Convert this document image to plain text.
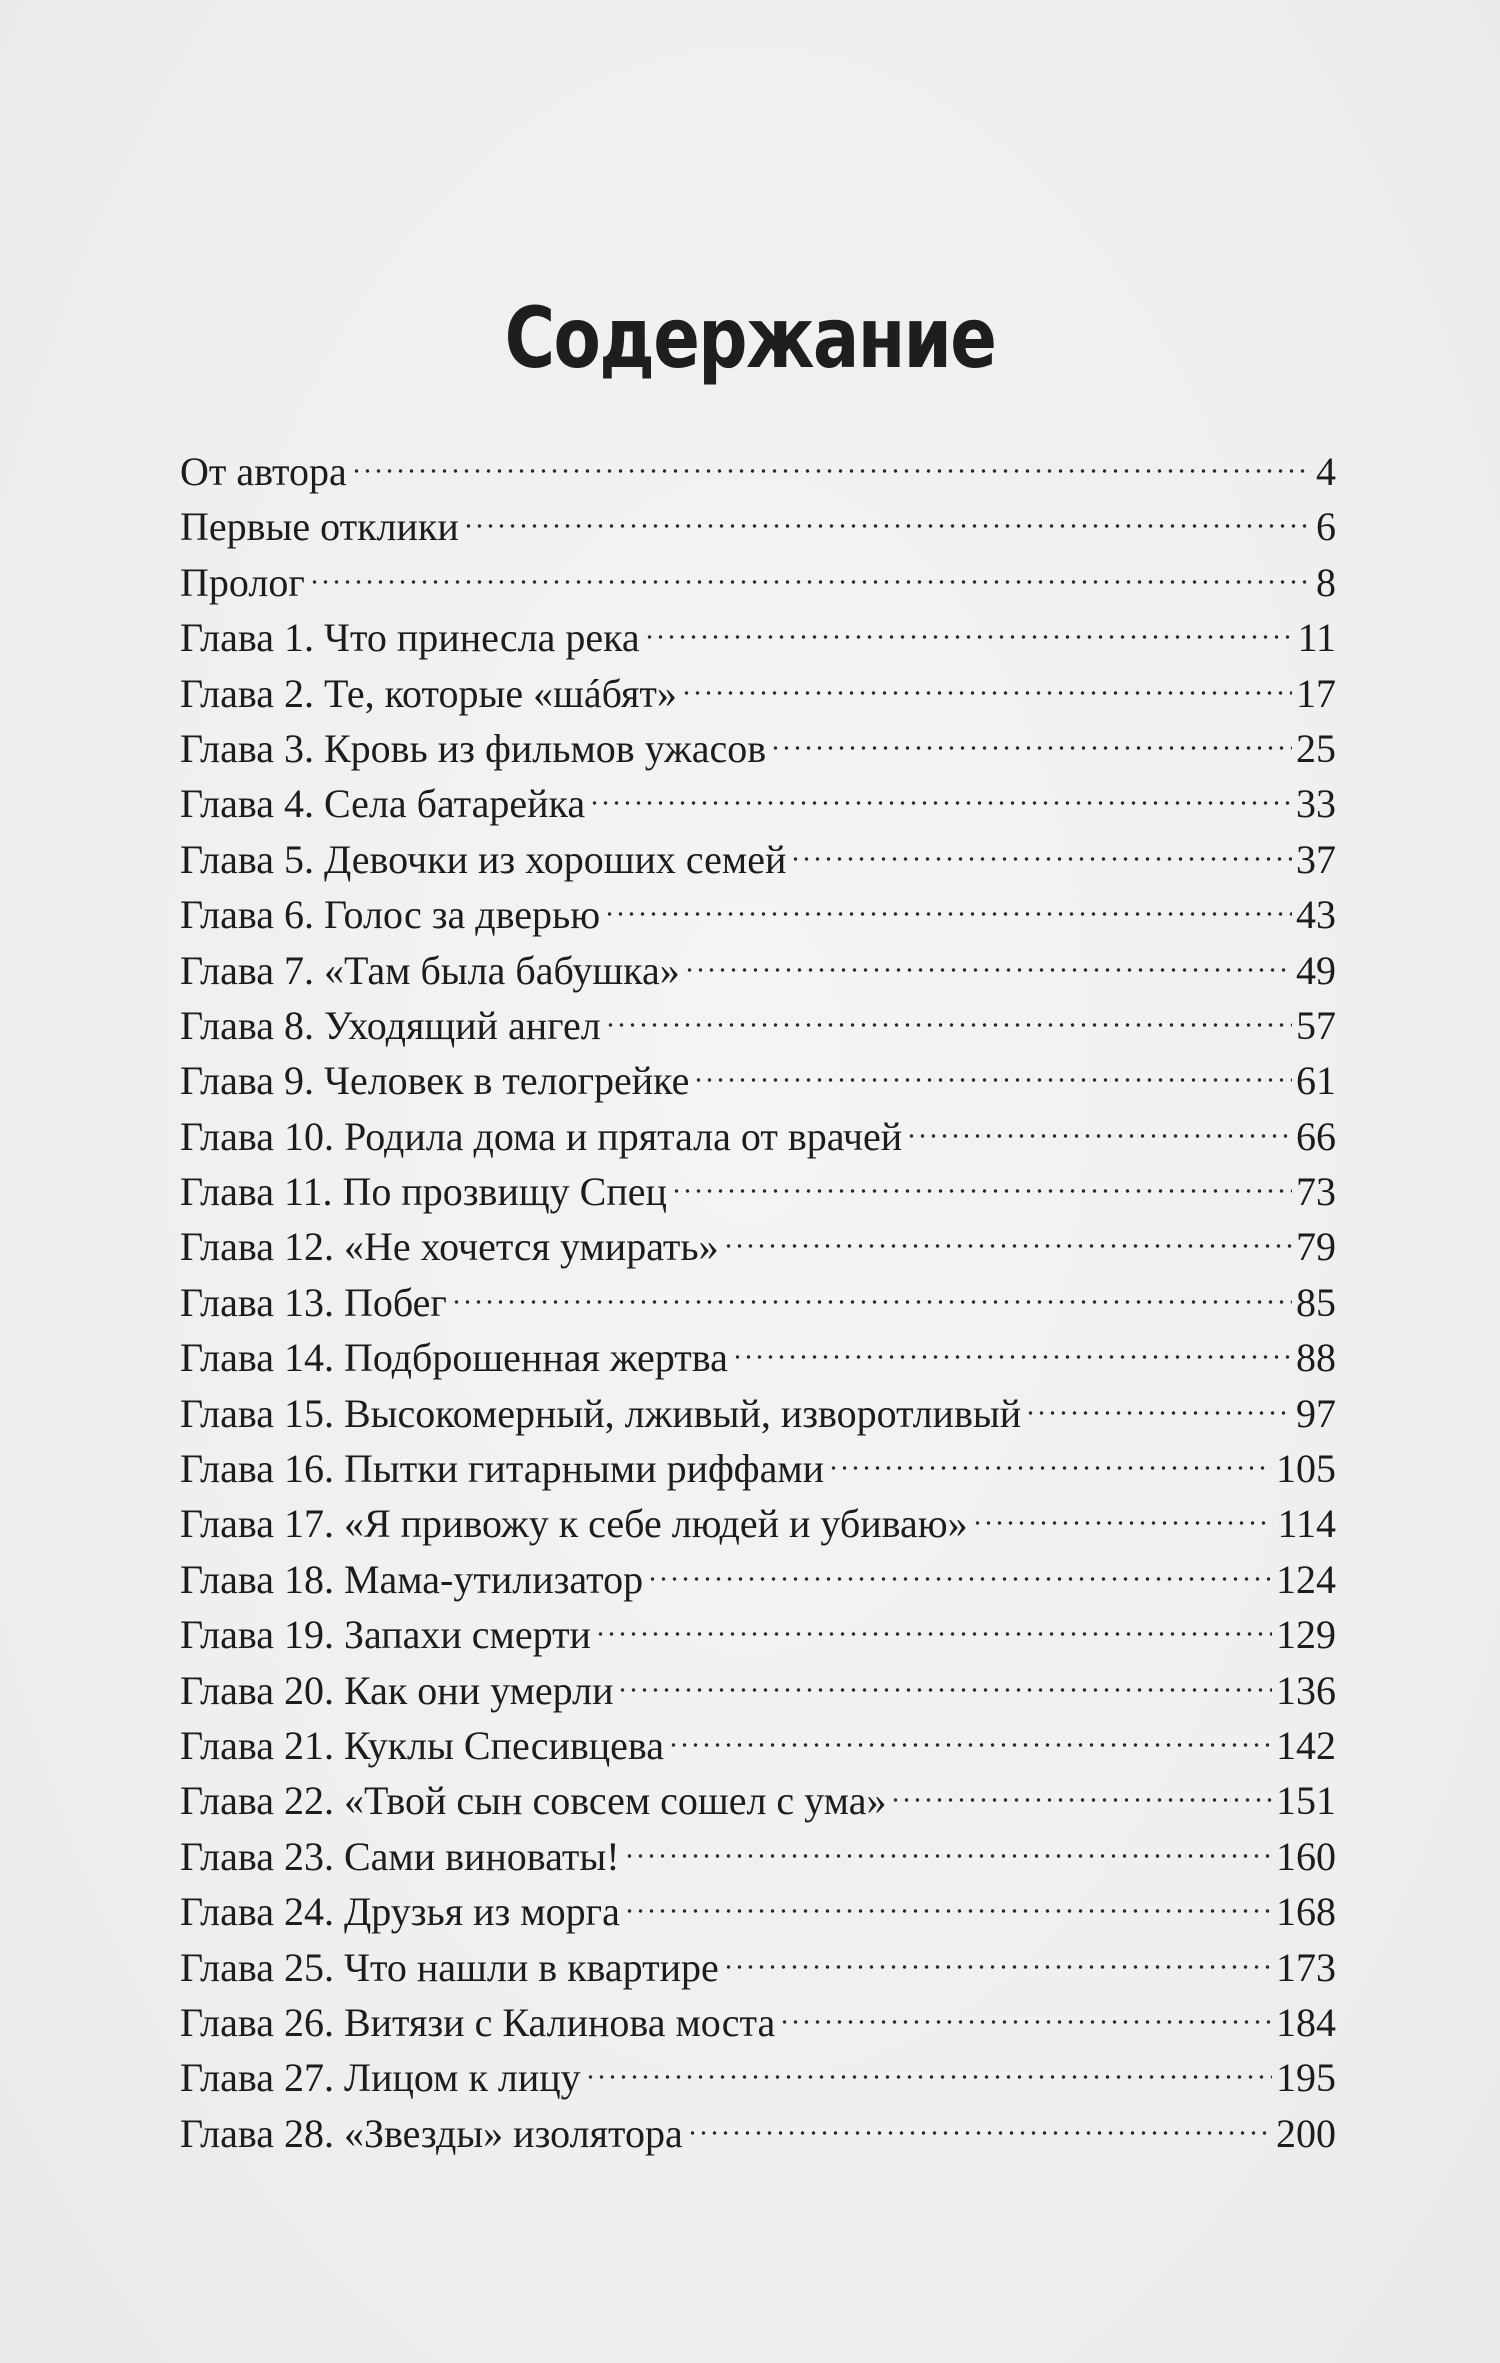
Содержание
От автора	4
Первые отклики	6
Пролог	8
Глава 1. Что принесла река	11
Глава 2. Те, которые «шáбят»	17
Глава 3. Кровь из фильмов ужасов	25
Глава 4. Села батарейка	33
Глава 5. Девочки из хороших семей	37
Глава 6. Голос за дверью	43
Глава 7. «Там была бабушка»	49
Глава 8. Уходящий ангел	57
Глава 9. Человек в телогрейке	61
Глава 10. Родила дома и прятала от врачей	66
Глава 11. По прозвищу Спец	73
Глава 12. «Не хочется умирать»	79
Глава 13. Побег	85
Глава 14. Подброшенная жертва	88
Глава 15. Высокомерный, лживый, изворотливый	97
Глава 16. Пытки гитарными риффами	105
Глава 17. «Я привожу к себе людей и убиваю»	114
Глава 18. Мама-утилизатор	124
Глава 19. Запахи смерти	129
Глава 20. Как они умерли	136
Глава 21. Куклы Спесивцева	142
Глава 22. «Твой сын совсем сошел с ума»	151
Глава 23. Сами виноваты!	160
Глава 24. Друзья из морга	168
Глава 25. Что нашли в квартире	173
Глава 26. Витязи с Калинова моста	184
Глава 27. Лицом к лицу	195
Глава 28. «Звезды» изолятора	200
